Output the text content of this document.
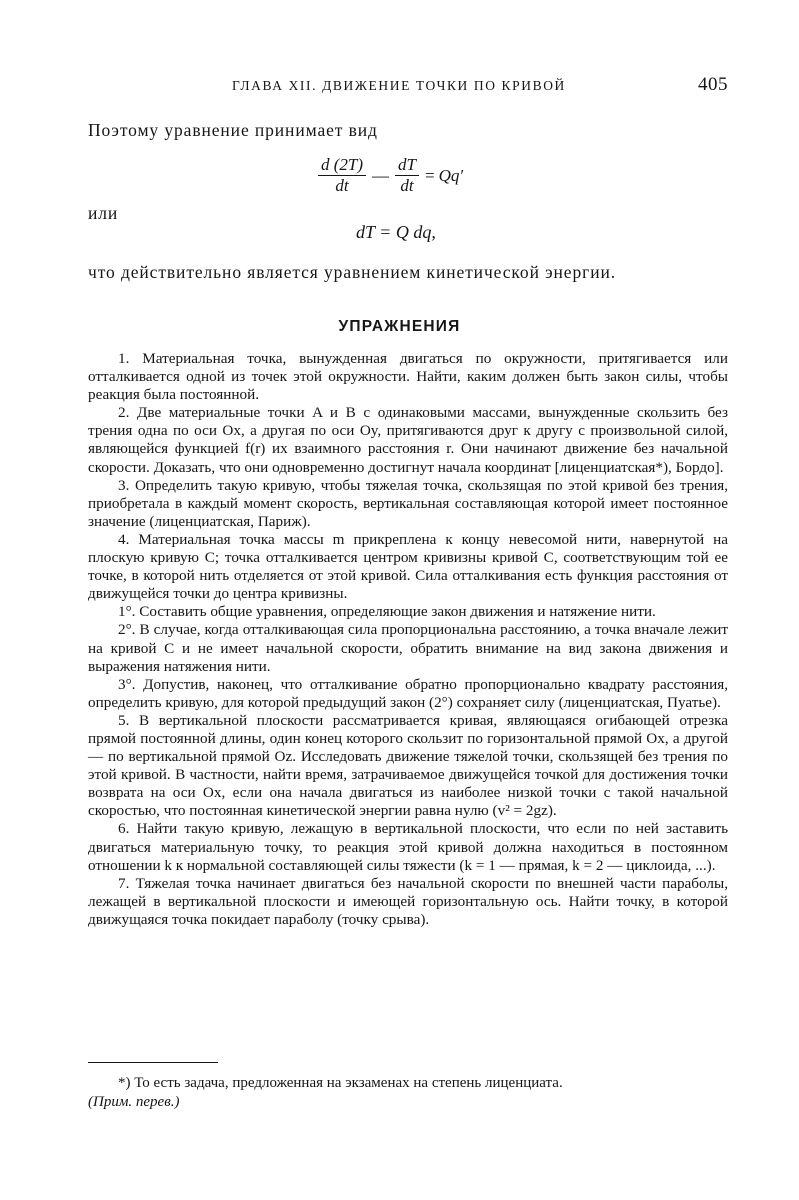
ГЛАВА XII. ДВИЖЕНИЕ ТОЧКИ ПО КРИВОЙ	405
Поэтому уравнение принимает вид
$\frac{d (2T)}{dt}$ — $\frac{dT}{dt} = Qq'$
или
dT = Q dq,
что действительно является уравнением кинетической энергии.
УПРАЖНЕНИЯ

1. Материальная точка, вынужденная двигаться по окружности, притягивается или отталкивается одной из точек этой окружности. Найти, каким должен быть закон силы, чтобы реакция была постоянной.

2. Две материальные точки A и B с одинаковыми массами, вынужденные скользить без трения одна по оси Ox, а другая по оси Oy, притягиваются друг к другу с произвольной силой, являющейся функцией f(r) их взаимного расстояния r. Они начинают движение без начальной скорости. Доказать, что они одновременно достигнут начала координат [лиценциатская*), Бордо].

3. Определить такую кривую, чтобы тяжелая точка, скользящая по этой кривой без трения, приобретала в каждый момент скорость, вертикальная составляющая которой имеет постоянное значение (лиценциатская, Париж).

4. Материальная точка массы m прикреплена к концу невесомой нити, навернутой на плоскую кривую C; точка отталкивается центром кривизны кривой C, соответствующим той ее точке, в которой нить отделяется от этой кривой. Сила отталкивания есть функция расстояния от движущейся точки до центра кривизны.

1°. Составить общие уравнения, определяющие закон движения и натяжение нити.

2°. В случае, когда отталкивающая сила пропорциональна расстоянию, а точка вначале лежит на кривой C и не имеет начальной скорости, обратить внимание на вид закона движения и выражения натяжения нити.

3°. Допустив, наконец, что отталкивание обратно пропорционально квадрату расстояния, определить кривую, для которой предыдущий закон (2°) сохраняет силу (лиценциатская, Пуатье).

5. В вертикальной плоскости рассматривается кривая, являющаяся огибающей отрезка прямой постоянной длины, один конец которого скользит по горизонтальной прямой Ox, а другой — по вертикальной прямой Oz. Исследовать движение тяжелой точки, скользящей без трения по этой кривой. В частности, найти время, затрачиваемое движущейся точкой для достижения точки возврата на оси Ox, если она начала двигаться из наиболее низкой точки с такой начальной скоростью, что постоянная кинетической энергии равна нулю (v² = 2gz).

6. Найти такую кривую, лежащую в вертикальной плоскости, что если по ней заставить двигаться материальную точку, то реакция этой кривой должна находиться в постоянном отношении k к нормальной составляющей силы тяжести (k = 1 — прямая, k = 2 — циклоида, ...).

7. Тяжелая точка начинает двигаться без начальной скорости по внешней части параболы, лежащей в вертикальной плоскости и имеющей горизонтальную ось. Найти точку, в которой движущаяся точка покидает параболу (точку срыва).

*) То есть задача, предложенная на экзаменах на степень лиценциата.
(Прим. перев.)
